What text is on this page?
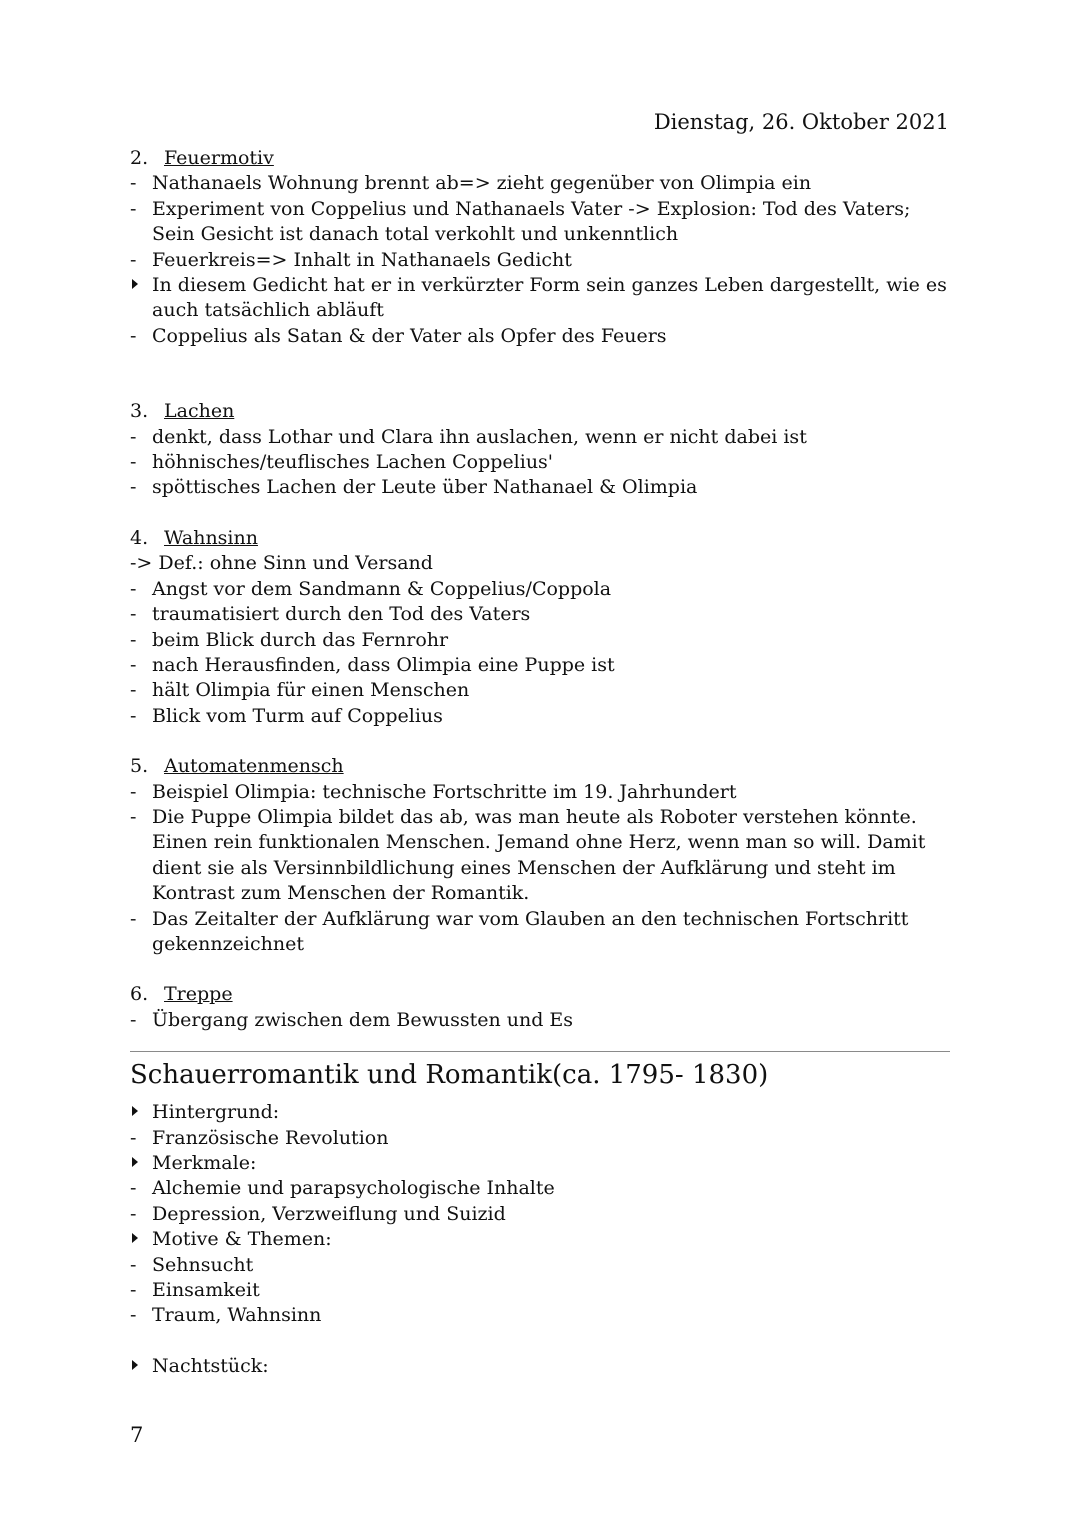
Dienstag, 26. Oktober 2021
2. Feuermotiv
-
Nathanaels Wohnung brennt ab=> zieht gegenüber von Olimpia ein
-
Experiment von Coppelius und Nathanaels Vater -> Explosion: Tod des Vaters; Sein Gesicht ist danach total verkohlt und unkenntlich
-
Feuerkreis=> Inhalt in Nathanaels Gedicht
In diesem Gedicht hat er in verkürzter Form sein ganzes Leben dargestellt, wie es auch tatsächlich abläuft
-
Coppelius als Satan & der Vater als Opfer des Feuers
3. Lachen
-
denkt, dass Lothar und Clara ihn auslachen, wenn er nicht dabei ist
-
höhnisches/teuflisches Lachen Coppelius'
-
spöttisches Lachen der Leute über Nathanael & Olimpia
4. Wahnsinn
-> Def.: ohne Sinn und Versand
-
Angst vor dem Sandmann & Coppelius/Coppola
-
traumatisiert durch den Tod des Vaters
-
beim Blick durch das Fernrohr
-
nach Herausfinden, dass Olimpia eine Puppe ist
-
hält Olimpia für einen Menschen
-
Blick vom Turm auf Coppelius
5. Automatenmensch
-
Beispiel Olimpia: technische Fortschritte im 19. Jahrhundert
-
Die Puppe Olimpia bildet das ab, was man heute als Roboter verstehen könnte. Einen rein funktionalen Menschen. Jemand ohne Herz, wenn man so will. Damit dient sie als Versinnbildlichung eines Menschen der Aufklärung und steht im Kontrast zum Menschen der Romantik.
-
Das Zeitalter der Aufklärung war vom Glauben an den technischen Fortschritt gekennzeichnet
6. Treppe
-
Übergang zwischen dem Bewussten und Es
Schauerromantik und Romantik(ca. 1795- 1830)
Hintergrund:
-
Französische Revolution
Merkmale:
-
Alchemie und parapsychologische Inhalte
-
Depression, Verzweiflung und Suizid
Motive & Themen:
-
Sehnsucht
-
Einsamkeit
-
Traum, Wahnsinn
Nachtstück:
7
